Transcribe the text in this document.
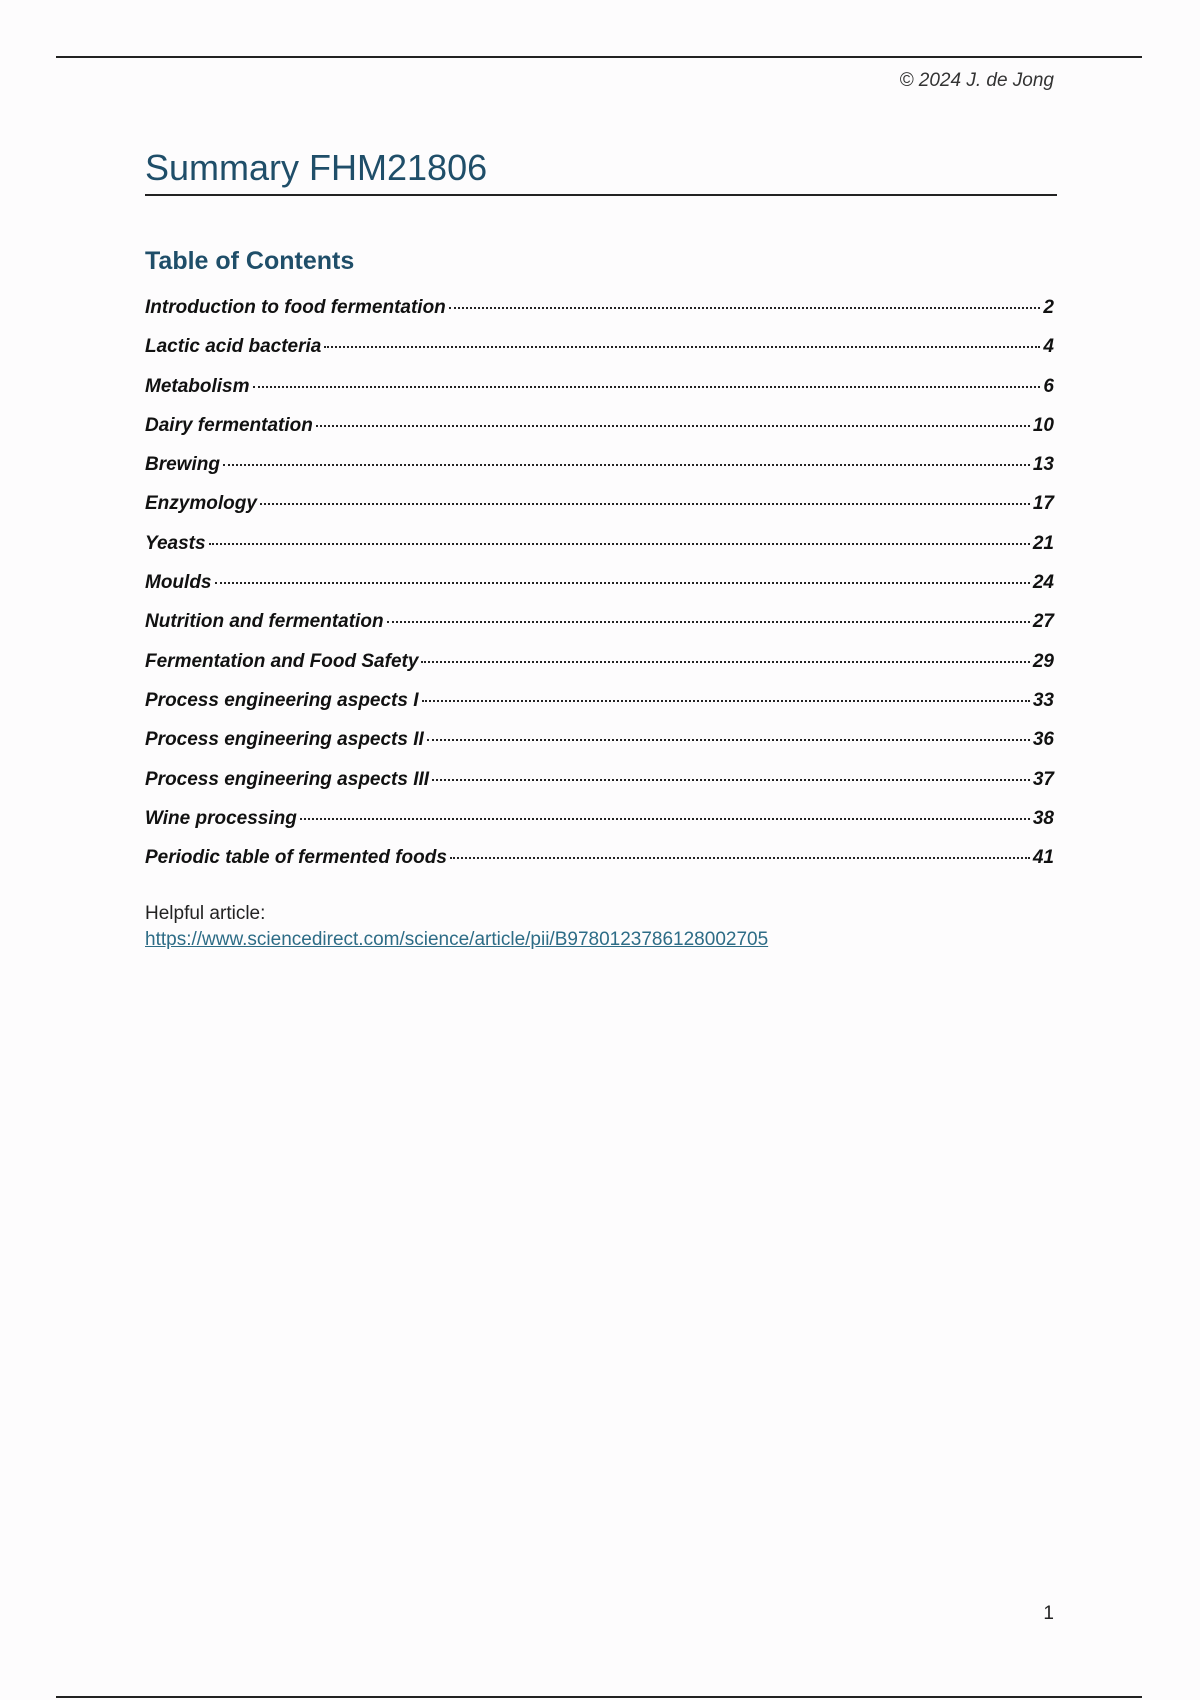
© 2024 J. de Jong
Summary FHM21806
Table of Contents
Introduction to food fermentation	2
Lactic acid bacteria	4
Metabolism	6
Dairy fermentation	10
Brewing	13
Enzymology	17
Yeasts	21
Moulds	24
Nutrition and fermentation	27
Fermentation and Food Safety	29
Process engineering aspects I	33
Process engineering aspects II	36
Process engineering aspects III	37
Wine processing	38
Periodic table of fermented foods	41
Helpful article:
https://www.sciencedirect.com/science/article/pii/B9780123786128002705
1
